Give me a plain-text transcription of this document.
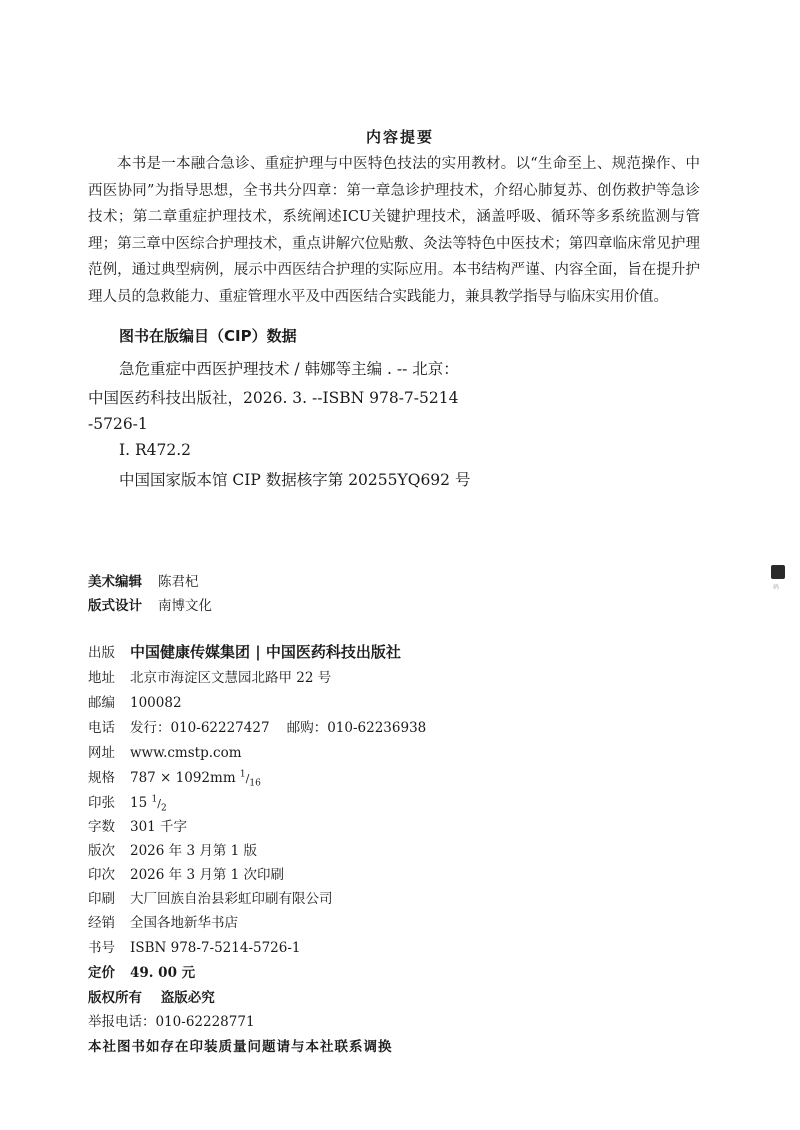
内容提要
本书是一本融合急诊、重症护理与中医特色技法的实用教材。以“生命至上、规范操作、中西医协同”为指导思想，全书共分四章：第一章急诊护理技术，介绍心肺复苏、创伤救护等急诊技术；第二章重症护理技术，系统阐述ICU关键护理技术，涵盖呼吸、循环等多系统监测与管理；第三章中医综合护理技术，重点讲解穴位贴敷、灸法等特色中医技术；第四章临床常见护理范例，通过典型病例，展示中西医结合护理的实际应用。本书结构严谨、内容全面，旨在提升护理人员的急救能力、重症管理水平及中西医结合实践能力，兼具教学指导与临床实用价值。
图书在版编目（CIP）数据
急危重症中西医护理技术 / 韩娜等主编 . -- 北京：
中国医药科技出版社，2026. 3. --ISBN 978-7-5214
-5726-1
Ⅰ. R472.2
中国国家版本馆 CIP 数据核字第 20255YQ692 号
美术编辑 陈君杞
版式设计 南博文化
码
出版 中国健康传媒集团 | 中国医药科技出版社
地址 北京市海淀区文慧园北路甲 22 号
邮编 100082
电话 发行：010-62227427    邮购：010-62236938
网址 www.cmstp.com
规格 787 × 1092mm $^1/_{16}$
印张 15 $^1/_2$
字数 301 千字
版次 2026 年 3 月第 1 版
印次 2026 年 3 月第 1 次印刷
印刷 大厂回族自治县彩虹印刷有限公司
经销 全国各地新华书店
书号 ISBN 978-7-5214-5726-1
定价 49. 00 元
版权所有    盗版必究
举报电话：010-62228771
本社图书如存在印装质量问题请与本社联系调换
